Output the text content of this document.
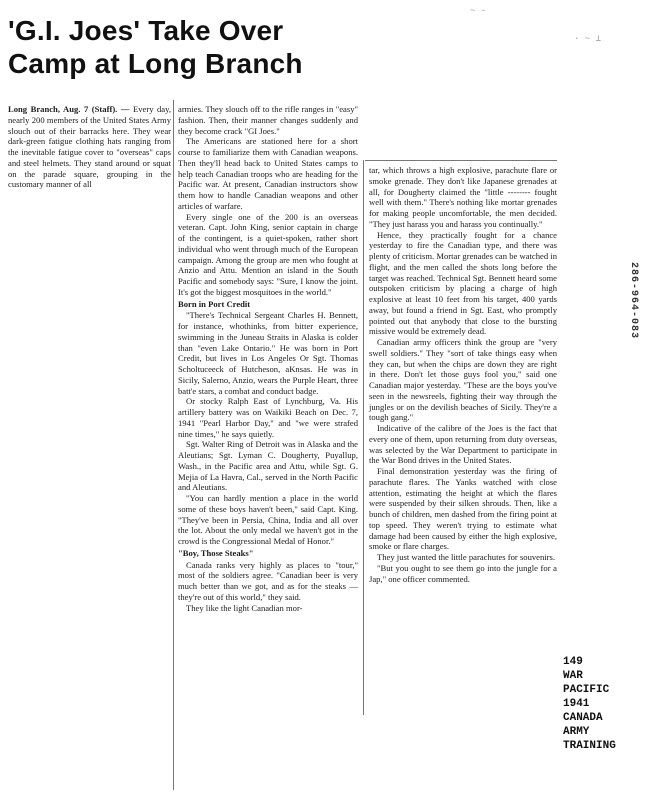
'G.I. Joes' Take Over
Camp at Long Branch
~ -
· ~ ⊥

Long Branch, Aug. 7 (Staff). — Every day, nearly 200 members of the United States Army slouch out of their barracks here. They wear dark-green fatigue clothing hats ranging from the inevitable fatigue cover to "overseas" caps and steel helmets. They stand around or squat on the parade square, grouping in the customary manner of all

armies. They slouch off to the rifle ranges in "easy" fashion. Then, their manner changes suddenly and they become crack "GI Joes."

The Americans are stationed here for a short course to familiarize them with Canadian weapons. Then they'll head back to United States camps to help teach Canadian troops who are heading for the Pacific war. At present, Canadian instructors show them how to handle Canadian weapons and other articles of warfare.

Every single one of the 200 is an overseas veteran. Capt. John King, senior captain in charge of the contingent, is a quiet-spoken, rather short individual who went through much of the European campaign. Among the group are men who fought at Anzio and Attu. Mention an island in the South Pacific and somebody says: "Sure, I know the joint. It's got the biggest mosquitoes in the world."

Born in Port Credit

"There's Technical Sergeant Charles H. Bennett, for instance, whothinks, from bitter experience, swimming in the Juneau Straits in Alaska is colder than "even Lake Ontario." He was born in Port Credit, but lives in Los Angeles Or Sgt. Thomas Scholtuceeck of Hutcheson, aKnsas. He was in Sicily, Salerno, Anzio, wears the Purple Heart, three batt'e stars, a combat and conduct badge.

Or stocky Ralph East of Lynchburg, Va. His artillery battery was on Waikiki Beach on Dec. 7, 1941 "Pearl Harbor Day," and "we were strafed nine times," he says quietly.

Sgt. Walter Ring of Detroit was in Alaska and the Aleutians; Sgt. Lyman C. Dougherty, Puyallup, Wash., in the Pacific area and Attu, while Sgt. G. Mejia of La Havra, Cal., served in the North Pacific and Aleutians.

"You can hardly mention a place in the world some of these boys haven't been," said Capt. King. "They've been in Persia, China, India and all over the lot. About the only medal we haven't got in the crowd is the Congressional Medal of Honor."

"Boy, Those Steaks"

Canada ranks very highly as places to "tour," most of the soldiers agree. "Canadian beer is very much better than we got, and as for the steaks — they're out of this world," they said.

They like the light Canadian mor-

tar, which throws a high explosive, parachute flare or smoke grenade. They don't like Japanese grenades at all, for Dougherty claimed the "little -------- fought well with them." There's nothing like mortar grenades for making people uncomfortable, the men decided. "They just harass you and harass you continually."

Hence, they practically fought for a chance yesterday to fire the Canadian type, and there was plenty of criticism. Mortar grenades can be watched in flight, and the men called the shots long before the target was reached. Technical Sgt. Bennett heard some outspoken criticism by placing a charge of high explosive at least 10 feet from his target, 400 yards away, but found a friend in Sgt. East, who promptly pointed out that anybody that close to the bursting missive would be extremely dead.

Canadian army officers think the group are "very swell soldiers." They "sort of take things easy when they can, but when the chips are down they are right in there. Don't let those guys fool you," said one Canadian major yesterday. "These are the boys you've seen in the newsreels, fighting their way through the jungles or on the devilish beaches of Sicily. They're a tough gang."

Indicative of the calibre of the Joes is the fact that every one of them, upon returning from duty overseas, was selected by the War Department to participate in the War Bond drives in the United States.

Final demonstration yesterday was the firing of parachute flares. The Yanks watched with close attention, estimating the height at which the flares were suspended by their silken shrouds. Then, like a bunch of children, men dashed from the firing point at top speed. They weren't trying to estimate what damage had been caused by either the high explosive, smoke or flare charges.

They just wanted the little parachutes for souvenirs.

"But you ought to see them go into the jungle for a Jap," one officer commented.

286-964-083
149
WAR
PACIFIC
1941
CANADA
ARMY
TRAINING
